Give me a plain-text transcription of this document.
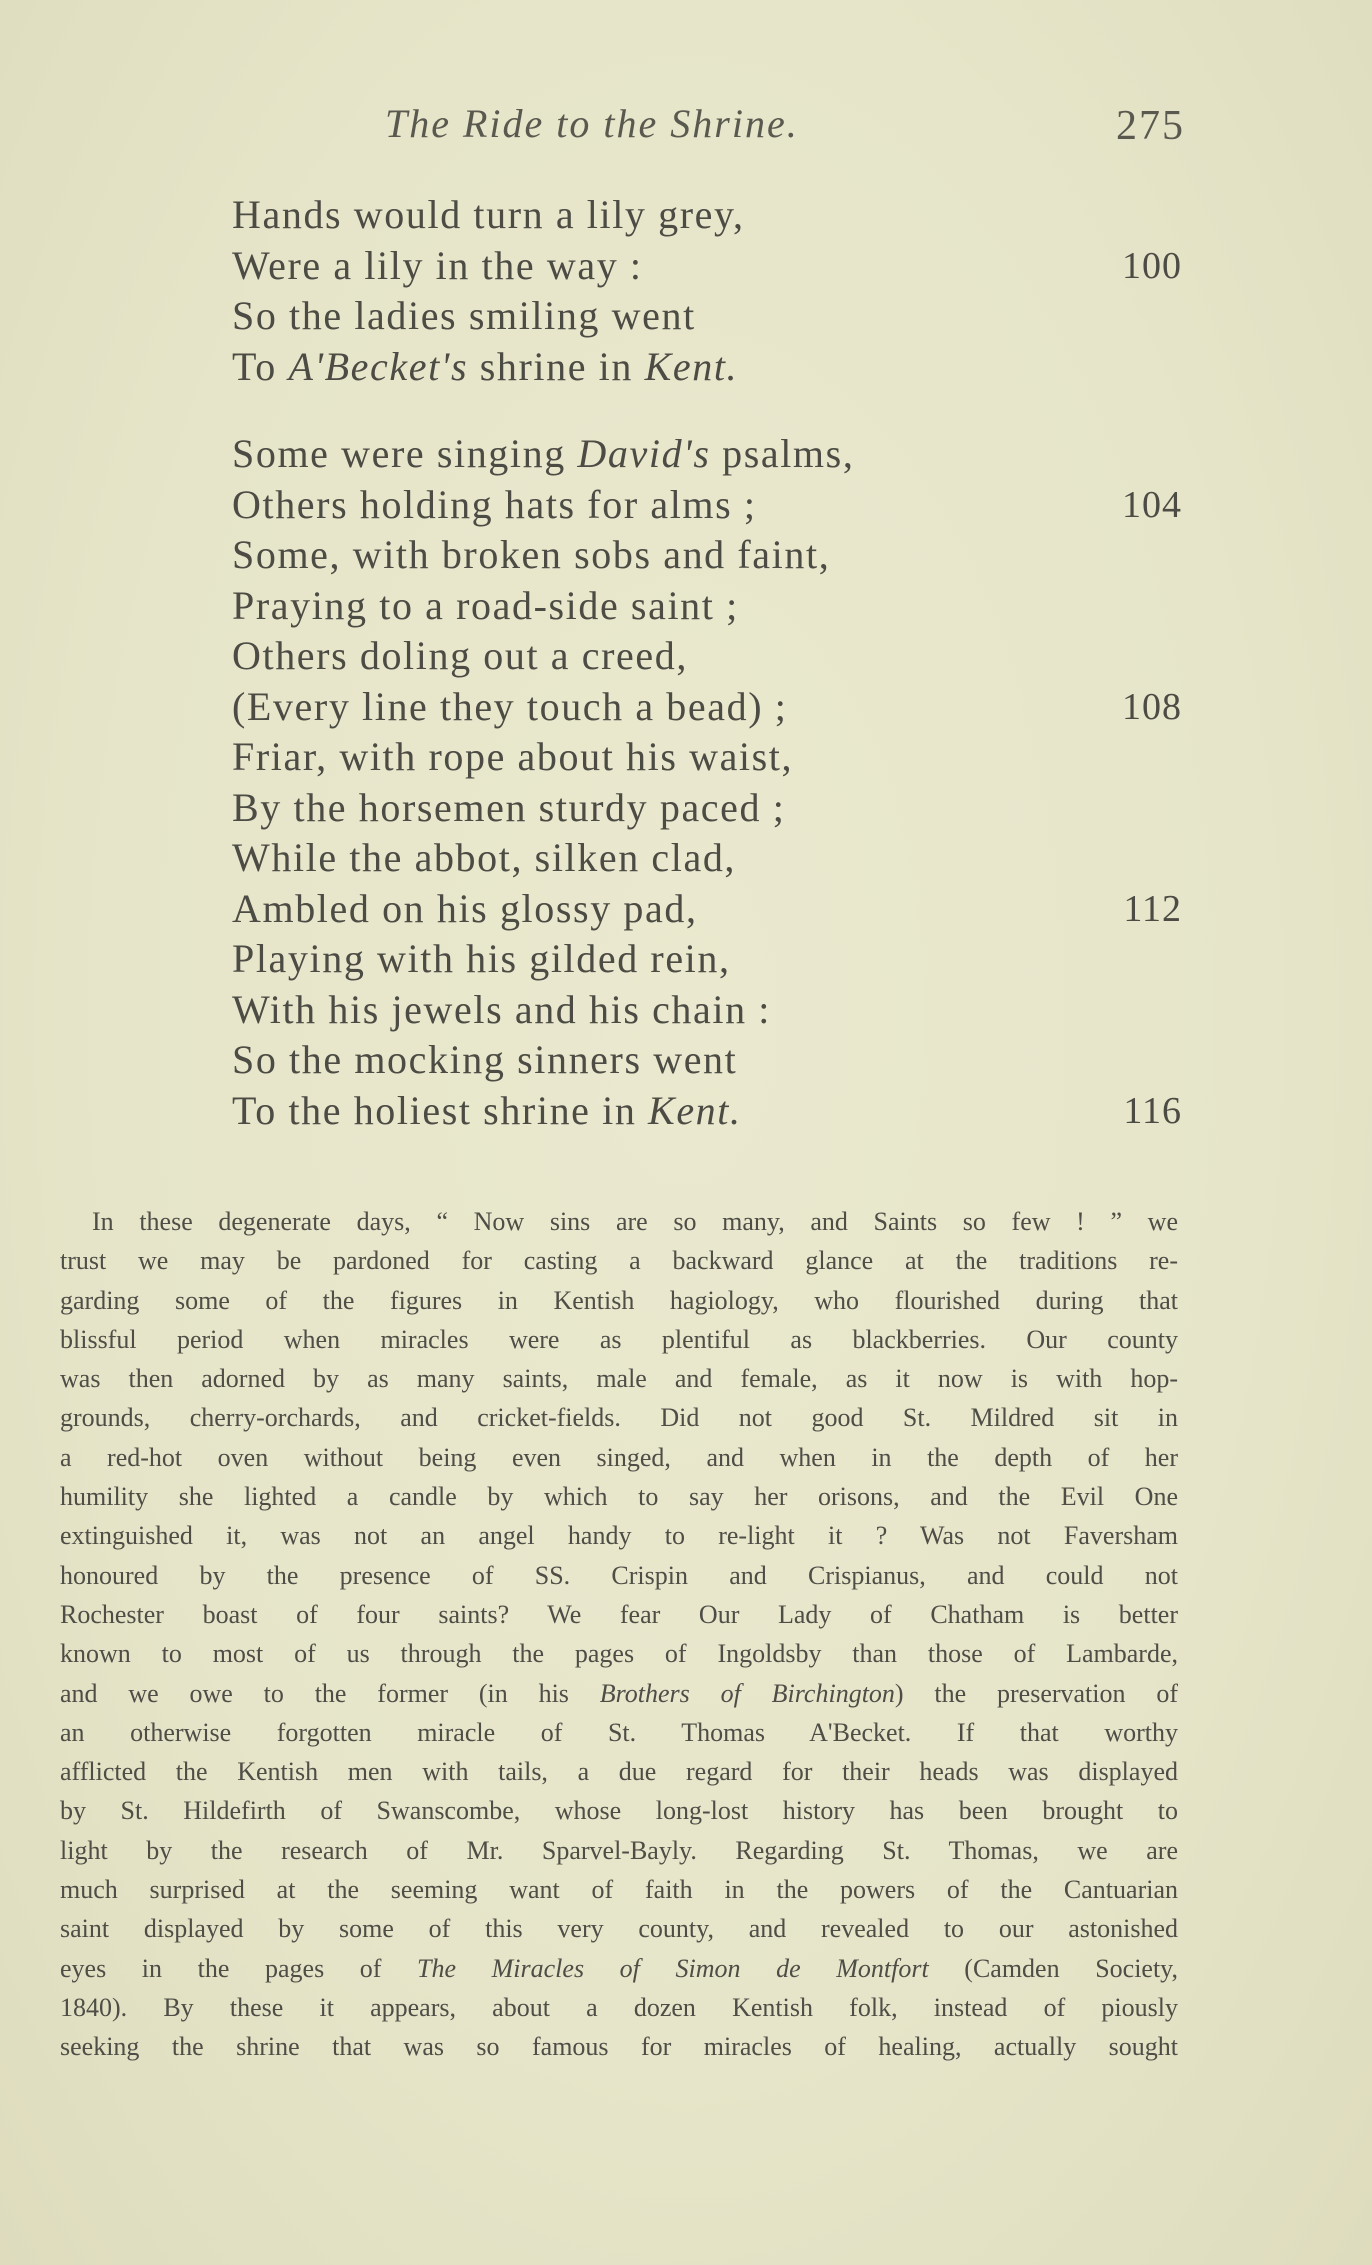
The Ride to the Shrine.	275
Hands would turn a lily grey,
Were a lily in the way :	100
So the ladies smiling went
To A'Becket's shrine in Kent.
Some were singing David's psalms,
Others holding hats for alms ;	104
Some, with broken sobs and faint,
Praying to a road-side saint ;
Others doling out a creed,
(Every line they touch a bead) ;	108
Friar, with rope about his waist,
By the horsemen sturdy paced ;
While the abbot, silken clad,
Ambled on his glossy pad,	112
Playing with his gilded rein,
With his jewels and his chain :
So the mocking sinners went
To the holiest shrine in Kent.	116
In these degenerate days, “ Now sins are so many, and Saints so few ! ” we
trust we may be pardoned for casting a backward glance at the traditions re-
garding some of the figures in Kentish hagiology, who flourished during that
blissful period when miracles were as plentiful as blackberries. Our county
was then adorned by as many saints, male and female, as it now is with hop-
grounds, cherry-orchards, and cricket-fields. Did not good St. Mildred sit in
a red-hot oven without being even singed, and when in the depth of her
humility she lighted a candle by which to say her orisons, and the Evil One
extinguished it, was not an angel handy to re-light it ? Was not Faversham
honoured by the presence of SS. Crispin and Crispianus, and could not
Rochester boast of four saints? We fear Our Lady of Chatham is better
known to most of us through the pages of Ingoldsby than those of Lambarde,
and we owe to the former (in his Brothers of Birchington) the preservation of
an otherwise forgotten miracle of St. Thomas A'Becket. If that worthy
afflicted the Kentish men with tails, a due regard for their heads was displayed
by St. Hildefirth of Swanscombe, whose long-lost history has been brought to
light by the research of Mr. Sparvel-Bayly. Regarding St. Thomas, we are
much surprised at the seeming want of faith in the powers of the Cantuarian
saint displayed by some of this very county, and revealed to our astonished
eyes in the pages of The Miracles of Simon de Montfort (Camden Society,
1840). By these it appears, about a dozen Kentish folk, instead of piously
seeking the shrine that was so famous for miracles of healing, actually sought
